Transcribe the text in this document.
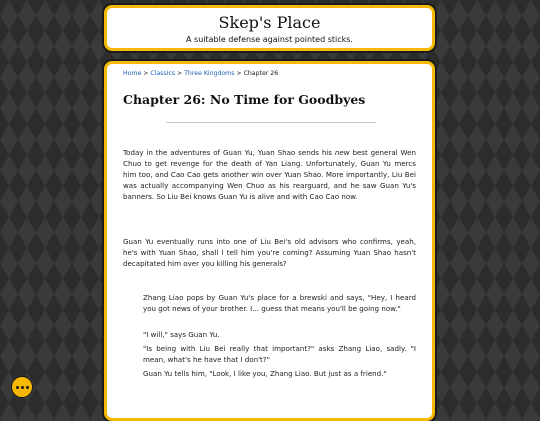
Skep's Place
A suitable defense against pointed sticks.
Home > Classics > Three Kingdoms > Chapter 26
Chapter 26: No Time for Goodbyes

Today in the adventures of Guan Yu, Yuan Shao sends his new best general Wen Chuo to get revenge for the death of Yan Liang. Unfortunately, Guan Yu mercs him too, and Cao Cao gets another win over Yuan Shao. More importantly, Liu Bei was actually accompanying Wen Chuo as his rearguard, and he saw Guan Yu's banners. So Liu Bei knows Guan Yu is alive and with Cao Cao now.

Guan Yu eventually runs into one of Liu Bei's old advisors who confirms, yeah, he's with Yuan Shao, shall I tell him you're coming? Assuming Yuan Shao hasn't decapitated him over you killing his generals?

Zhang Liao pops by Guan Yu's place for a brewski and says, "Hey, I heard you got news of your brother. I... guess that means you'll be going now."

"I will," says Guan Yu.

"Is being with Liu Bei really that important?" asks Zhang Liao, sadly. "I mean, what's he have that I don't?"

Guan Yu tells him, "Look, I like you, Zhang Liao. But just as a friend."
